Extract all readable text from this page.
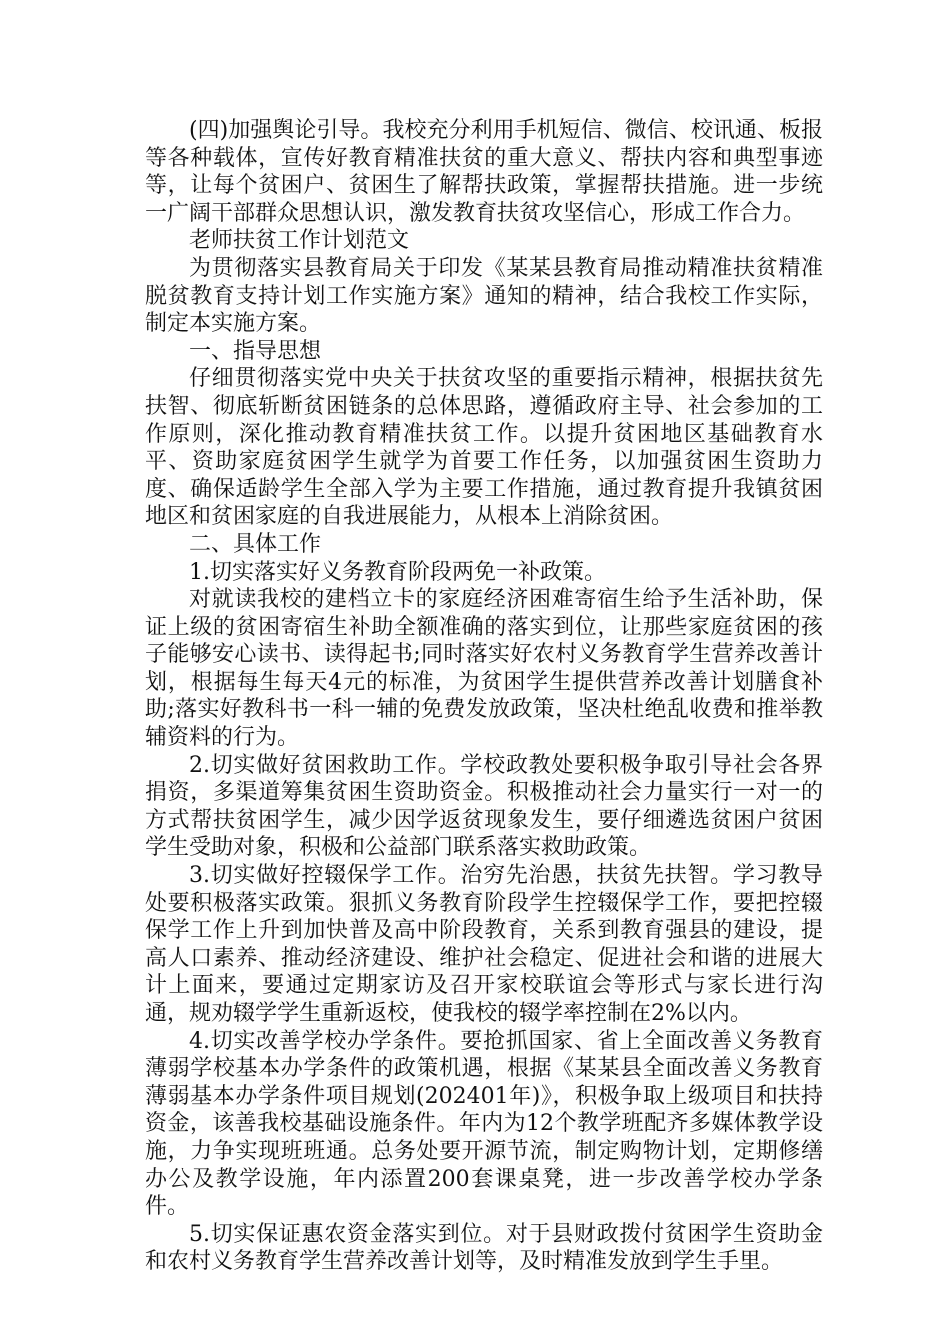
(四)加强舆论引导。我校充分利用手机短信、微信、校讯通、板报等各种载体，宣传好教育精准扶贫的重大意义、帮扶内容和典型事迹等，让每个贫困户、贫困生了解帮扶政策，掌握帮扶措施。进一步统一广阔干部群众思想认识，激发教育扶贫攻坚信心，形成工作合力。

老师扶贫工作计划范文

为贯彻落实县教育局关于印发《某某县教育局推动精准扶贫精准脱贫教育支持计划工作实施方案》通知的精神，结合我校工作实际，制定本实施方案。

一、指导思想

仔细贯彻落实党中央关于扶贫攻坚的重要指示精神，根据扶贫先扶智、彻底斩断贫困链条的总体思路，遵循政府主导、社会参加的工作原则，深化推动教育精准扶贫工作。以提升贫困地区基础教育水平、资助家庭贫困学生就学为首要工作任务，以加强贫困生资助力度、确保适龄学生全部入学为主要工作措施，通过教育提升我镇贫困地区和贫困家庭的自我进展能力，从根本上消除贫困。

二、具体工作

1.切实落实好义务教育阶段两免一补政策。

对就读我校的建档立卡的家庭经济困难寄宿生给予生活补助，保证上级的贫困寄宿生补助全额准确的落实到位，让那些家庭贫困的孩子能够安心读书、读得起书;同时落实好农村义务教育学生营养改善计划，根据每生每天4元的标准，为贫困学生提供营养改善计划膳食补助;落实好教科书一科一辅的免费发放政策，坚决杜绝乱收费和推举教辅资料的行为。

2.切实做好贫困救助工作。学校政教处要积极争取引导社会各界捐资，多渠道筹集贫困生资助资金。积极推动社会力量实行一对一的方式帮扶贫困学生，减少因学返贫现象发生，要仔细遴选贫困户贫困学生受助对象，积极和公益部门联系落实救助政策。

3.切实做好控辍保学工作。治穷先治愚，扶贫先扶智。学习教导处要积极落实政策。狠抓义务教育阶段学生控辍保学工作，要把控辍保学工作上升到加快普及高中阶段教育，关系到教育强县的建设，提高人口素养、推动经济建设、维护社会稳定、促进社会和谐的进展大计上面来，要通过定期家访及召开家校联谊会等形式与家长进行沟通，规劝辍学学生重新返校，使我校的辍学率控制在2%以内。

4.切实改善学校办学条件。要抢抓国家、省上全面改善义务教育薄弱学校基本办学条件的政策机遇，根据《某某县全面改善义务教育薄弱基本办学条件项目规划(202401年)》，积极争取上级项目和扶持资金，该善我校基础设施条件。年内为12个教学班配齐多媒体教学设施，力争实现班班通。总务处要开源节流，制定购物计划，定期修缮办公及教学设施，年内添置200套课桌凳，进一步改善学校办学条件。

5.切实保证惠农资金落实到位。对于县财政拨付贫困学生资助金和农村义务教育学生营养改善计划等，及时精准发放到学生手里。
